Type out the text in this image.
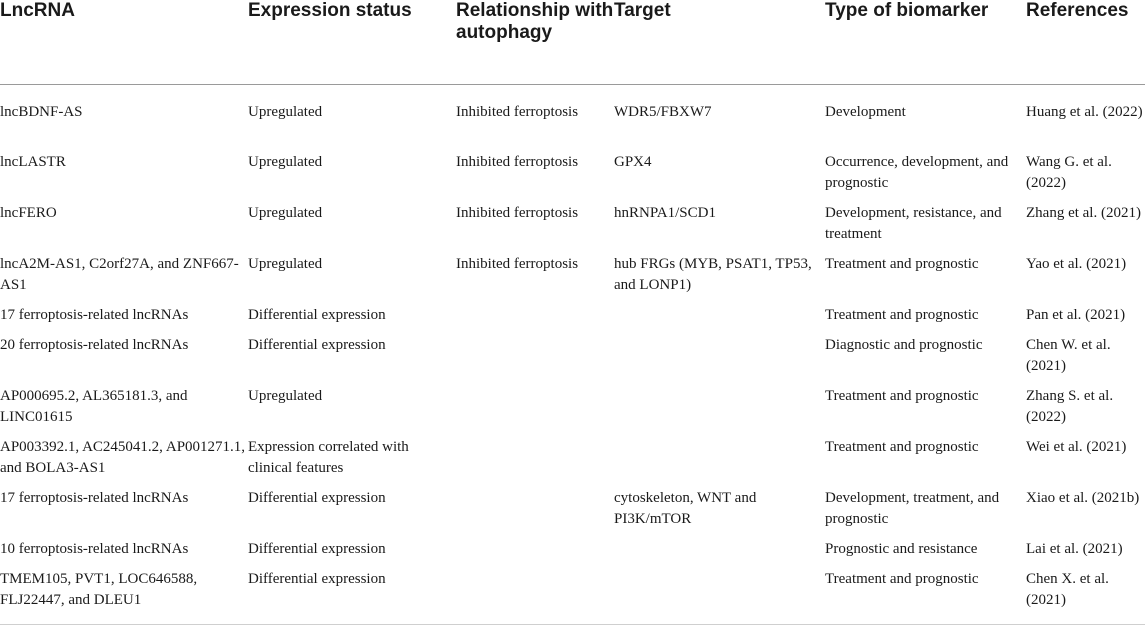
LncRNA	Expression status	Relationship with autophagy	Target	Type of biomarker	References
lncBDNF-AS	Upregulated	Inhibited ferroptosis	WDR5/FBXW7	Development	Huang et al. (2022)
lncLASTR	Upregulated	Inhibited ferroptosis	GPX4	Occurrence, development, and prognostic	Wang G. et al. (2022)
lncFERO	Upregulated	Inhibited ferroptosis	hnRNPA1/SCD1	Development, resistance, and treatment	Zhang et al. (2021)
lncA2M-AS1, C2orf27A, and ZNF667-AS1	Upregulated	Inhibited ferroptosis	hub FRGs (MYB, PSAT1, TP53, and LONP1)	Treatment and prognostic	Yao et al. (2021)
17 ferroptosis-related lncRNAs	Differential expression			Treatment and prognostic	Pan et al. (2021)
20 ferroptosis-related lncRNAs	Differential expression			Diagnostic and prognostic	Chen W. et al. (2021)
AP000695.2, AL365181.3, and LINC01615	Upregulated			Treatment and prognostic	Zhang S. et al. (2022)
AP003392.1, AC245041.2, AP001271.1, and BOLA3-AS1	Expression correlated with clinical features			Treatment and prognostic	Wei et al. (2021)
17 ferroptosis-related lncRNAs	Differential expression		cytoskeleton, WNT and PI3K/mTOR	Development, treatment, and prognostic	Xiao et al. (2021b)
10 ferroptosis-related lncRNAs	Differential expression			Prognostic and resistance	Lai et al. (2021)
TMEM105, PVT1, LOC646588, FLJ22447, and DLEU1	Differential expression			Treatment and prognostic	Chen X. et al. (2021)
